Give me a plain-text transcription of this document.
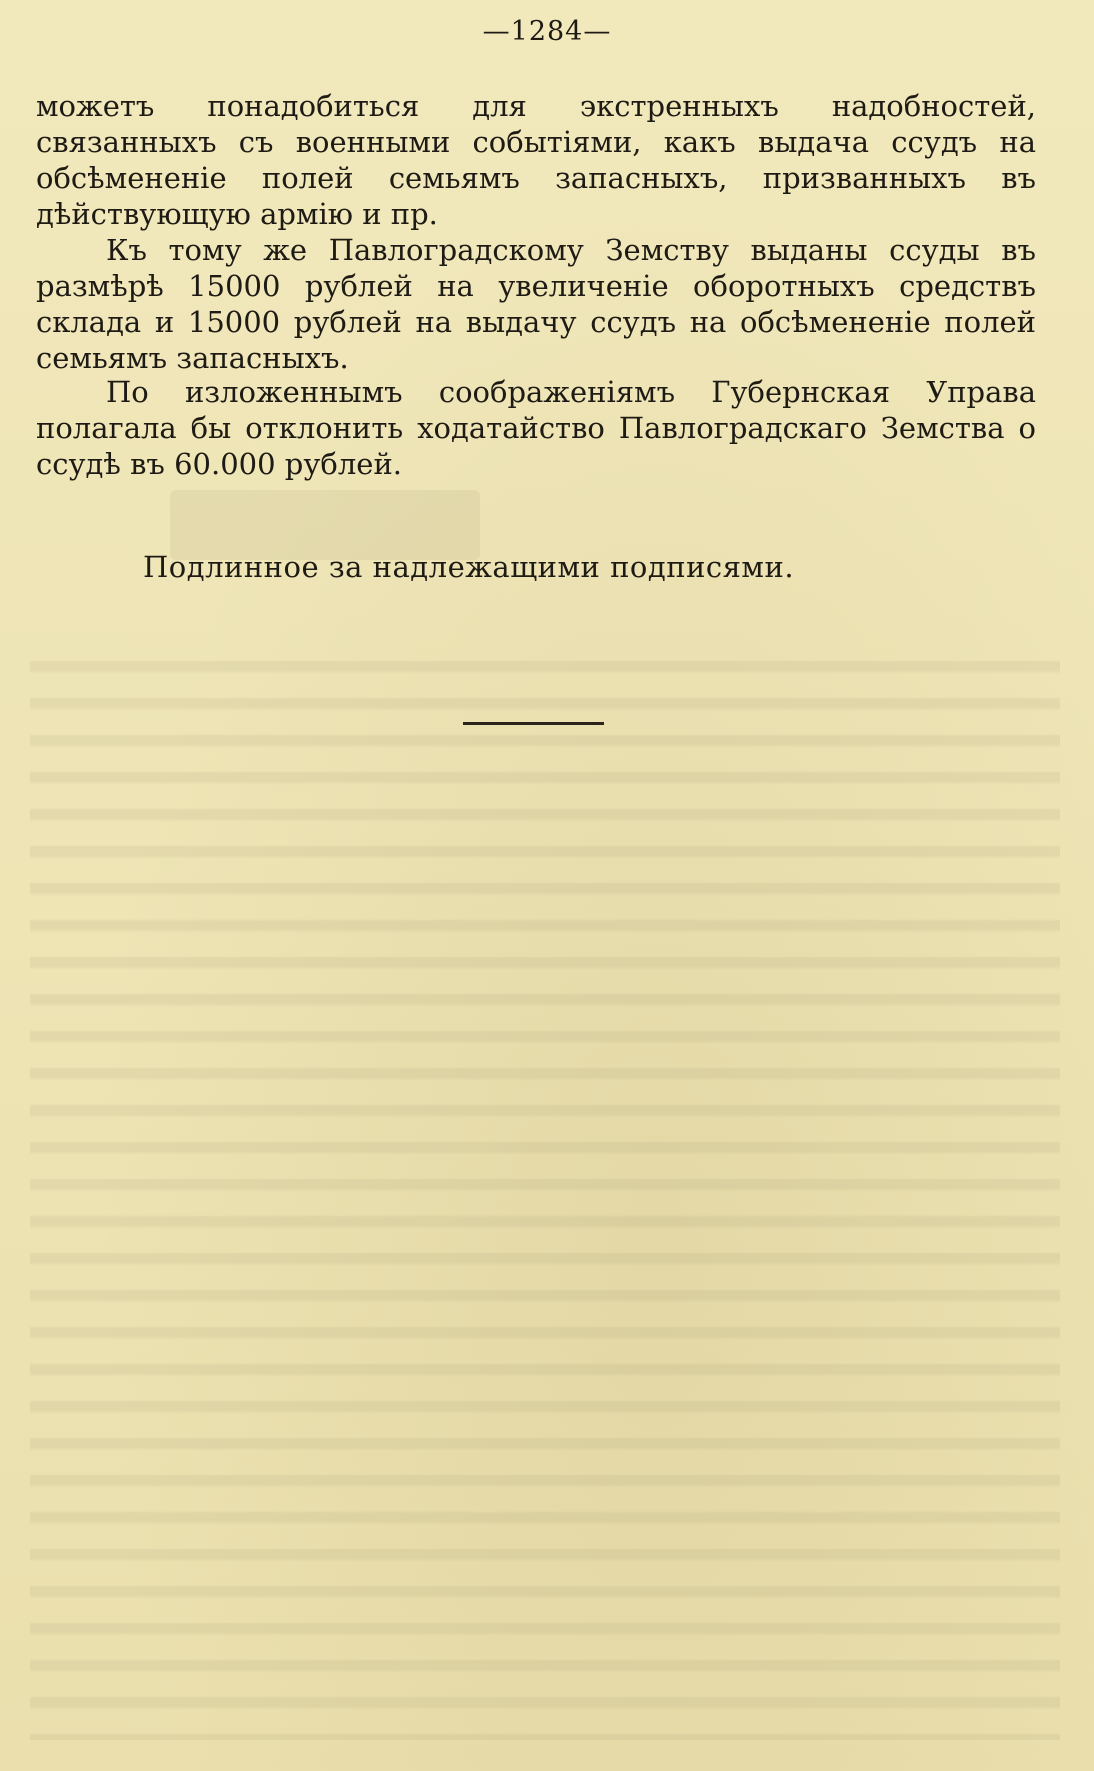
—1284—

можетъ понадобиться для экстренныхъ надобностей, связанныхъ съ военными событiями, какъ выдача ссудъ на обсѣмененiе полей семьямъ запасныхъ, призванныхъ въ дѣйствующую армiю и пр.

Къ тому же Павлоградскому Земству выданы ссуды въ размѣрѣ 15000 рублей на увеличенiе оборотныхъ средствъ склада и 15000 рублей на выдачу ссудъ на обсѣмененiе полей семьямъ запасныхъ.

По изложеннымъ соображенiямъ Губернская Управа полагала бы отклонить ходатайство Павлоградскаго Земства о ссудѣ въ 60.000 рублей.

Подлинное за надлежащими подписями.
